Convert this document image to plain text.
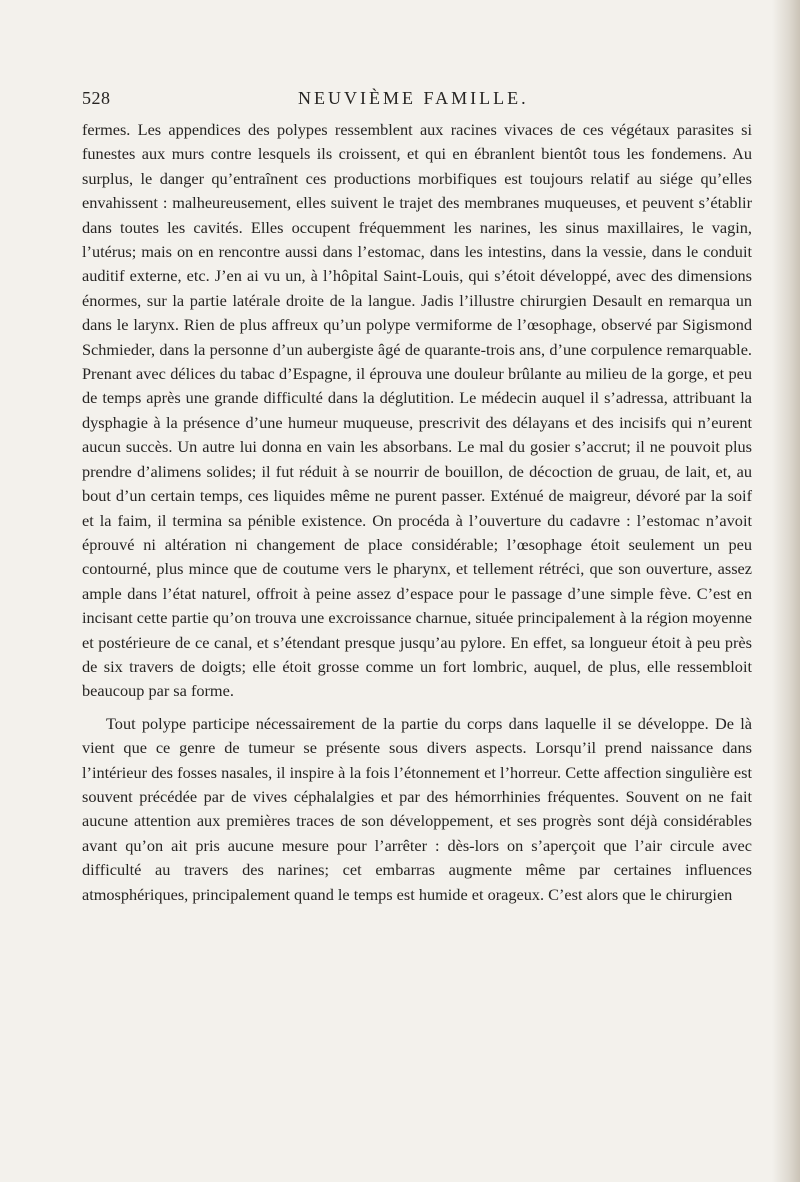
528	NEUVIÈME FAMILLE.

fermes. Les appendices des polypes ressemblent aux racines vivaces de ces végétaux parasites si funestes aux murs contre lesquels ils croissent, et qui en ébranlent bientôt tous les fondemens. Au surplus, le danger qu’entraînent ces productions morbifiques est toujours relatif au siége qu’elles envahissent : malheureusement, elles suivent le trajet des membranes muqueuses, et peuvent s’établir dans toutes les cavités. Elles occupent fréquemment les narines, les sinus maxillaires, le vagin, l’utérus; mais on en rencontre aussi dans l’estomac, dans les intestins, dans la vessie, dans le conduit auditif externe, etc. J’en ai vu un, à l’hôpital Saint-Louis, qui s’étoit développé, avec des dimensions énormes, sur la partie latérale droite de la langue. Jadis l’illustre chirurgien Desault en remarqua un dans le larynx. Rien de plus affreux qu’un polype vermiforme de l’œsophage, observé par Sigismond Schmieder, dans la personne d’un aubergiste âgé de quarante-trois ans, d’une corpulence remarquable. Prenant avec délices du tabac d’Espagne, il éprouva une douleur brûlante au milieu de la gorge, et peu de temps après une grande difficulté dans la déglutition. Le médecin auquel il s’adressa, attribuant la dysphagie à la présence d’une humeur muqueuse, prescrivit des délayans et des incisifs qui n’eurent aucun succès. Un autre lui donna en vain les absorbans. Le mal du gosier s’accrut; il ne pouvoit plus prendre d’alimens solides; il fut réduit à se nourrir de bouillon, de décoction de gruau, de lait, et, au bout d’un certain temps, ces liquides même ne purent passer. Exténué de maigreur, dévoré par la soif et la faim, il termina sa pénible existence. On procéda à l’ouverture du cadavre : l’estomac n’avoit éprouvé ni altération ni changement de place considérable; l’œsophage étoit seulement un peu contourné, plus mince que de coutume vers le pharynx, et tellement rétréci, que son ouverture, assez ample dans l’état naturel, offroit à peine assez d’espace pour le passage d’une simple fève. C’est en incisant cette partie qu’on trouva une excroissance charnue, située principalement à la région moyenne et postérieure de ce canal, et s’étendant presque jusqu’au pylore. En effet, sa longueur étoit à peu près de six travers de doigts; elle étoit grosse comme un fort lombric, auquel, de plus, elle ressembloit beaucoup par sa forme.

Tout polype participe nécessairement de la partie du corps dans laquelle il se développe. De là vient que ce genre de tumeur se présente sous divers aspects. Lorsqu’il prend naissance dans l’intérieur des fosses nasales, il inspire à la fois l’étonnement et l’horreur. Cette affection singulière est souvent précédée par de vives céphalalgies et par des hémorrhinies fréquentes. Souvent on ne fait aucune attention aux premières traces de son développement, et ses progrès sont déjà considérables avant qu’on ait pris aucune mesure pour l’arrêter : dès-lors on s’aperçoit que l’air circule avec difficulté au travers des narines; cet embarras augmente même par certaines influences atmosphériques, principalement quand le temps est humide et orageux. C’est alors que le chirurgien
